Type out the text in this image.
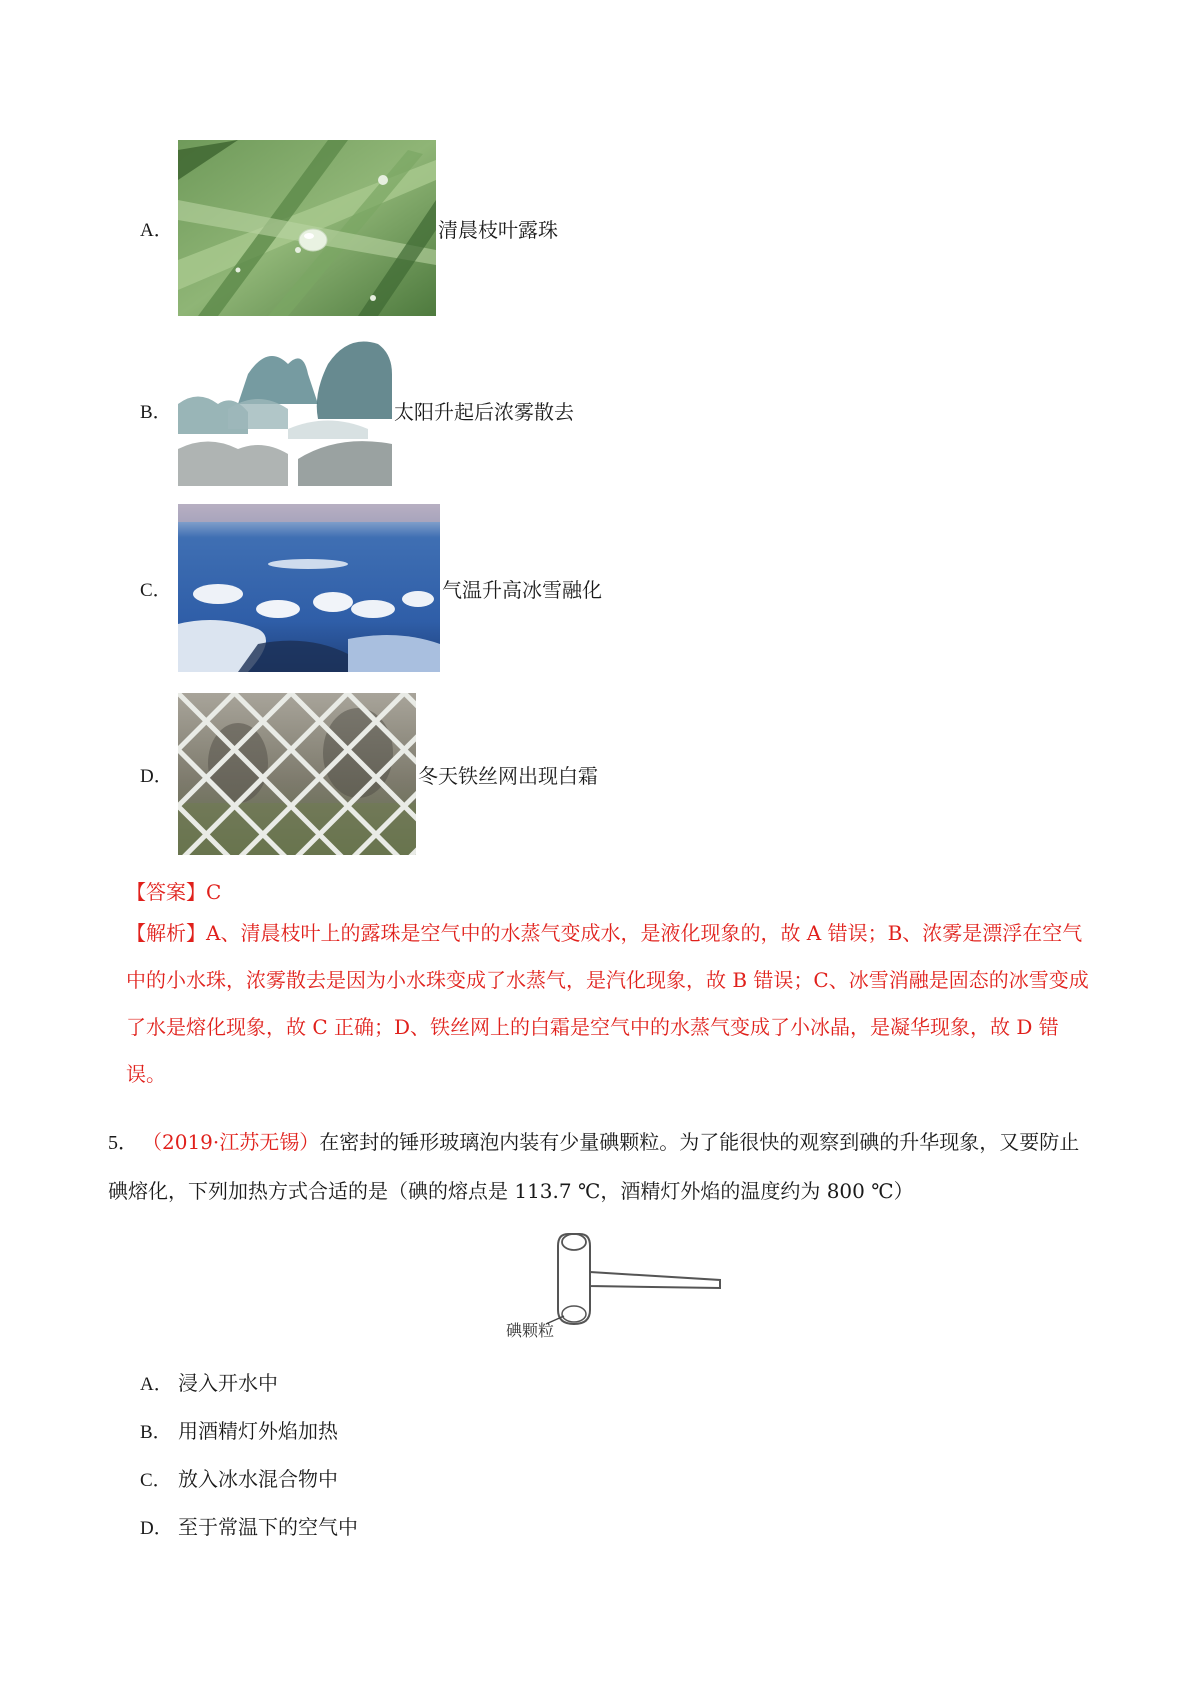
A．	清晨枝叶露珠
B．	太阳升起后浓雾散去
C．	气温升高冰雪融化
D．	冬天铁丝网出现白霜
【答案】C

【解析】A、清晨枝叶上的露珠是空气中的水蒸气变成水，是液化现象的，故 A 错误；B、浓雾是漂浮在空气中的小水珠，浓雾散去是因为小水珠变成了水蒸气，是汽化现象，故 B 错误；C、冰雪消融是固态的冰雪变成了水是熔化现象，故 C 正确；D、铁丝网上的白霜是空气中的水蒸气变成了小冰晶，是凝华现象，故 D 错误。

5． （2019·江苏无锡）在密封的锤形玻璃泡内装有少量碘颗粒。为了能很快的观察到碘的升华现象，又要防止碘熔化，下列加热方式合适的是（碘的熔点是 113.7 ℃，酒精灯外焰的温度约为 800 ℃）
碘颗粒
A． 浸入开水中
B． 用酒精灯外焰加热
C． 放入冰水混合物中
D． 至于常温下的空气中
